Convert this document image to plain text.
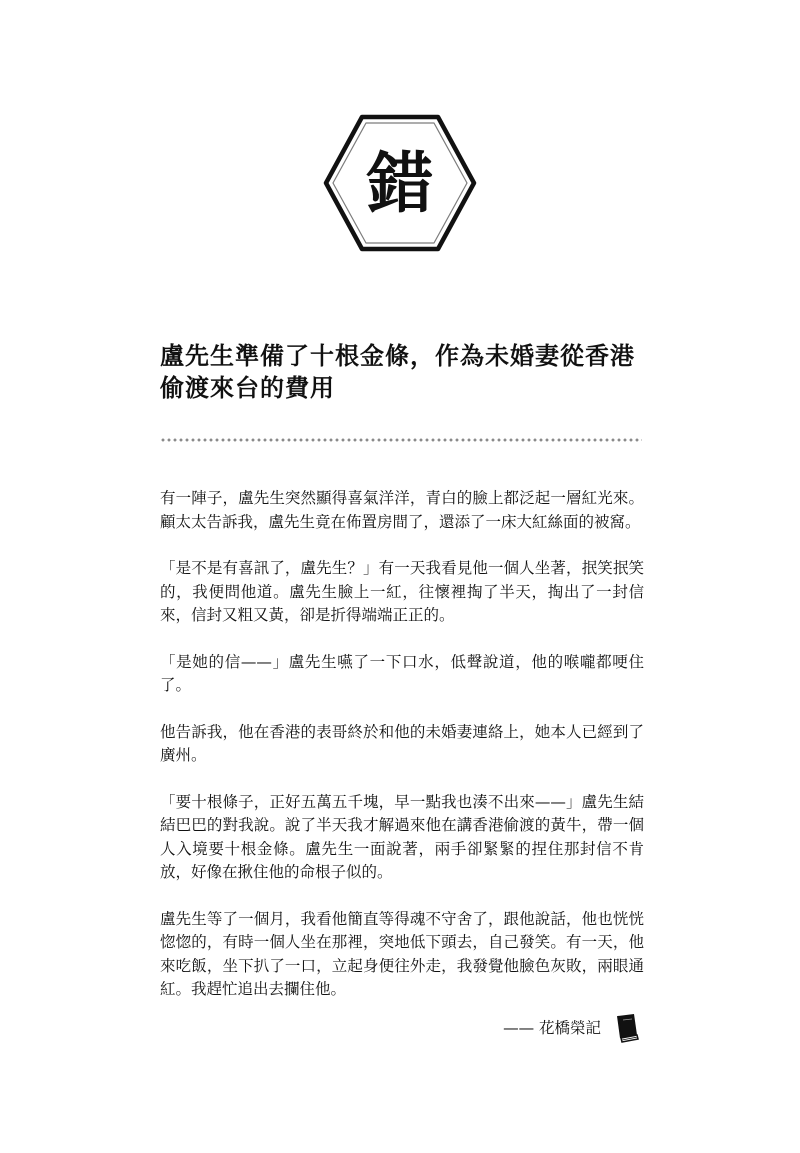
錯
盧先生準備了十根金條，作為未婚妻從香港偷渡來台的費用

有一陣子，盧先生突然顯得喜氣洋洋，青白的臉上都泛起一層紅光來。顧太太告訴我，盧先生竟在佈置房間了，還添了一床大紅絲面的被窩。

「是不是有喜訊了，盧先生？」有一天我看見他一個人坐著，抿笑抿笑的，我便問他道。盧先生臉上一紅，往懷裡掏了半天，掏出了一封信來，信封又粗又黃，卻是折得端端正正的。

「是她的信——」盧先生嚥了一下口水，低聲說道，他的喉嚨都哽住了。

他告訴我，他在香港的表哥終於和他的未婚妻連絡上，她本人已經到了廣州。

「要十根條子，正好五萬五千塊，早一點我也湊不出來——」盧先生結結巴巴的對我說。說了半天我才解過來他在講香港偷渡的黃牛，帶一個人入境要十根金條。盧先生一面說著，兩手卻緊緊的捏住那封信不肯放，好像在揪住他的命根子似的。

盧先生等了一個月，我看他簡直等得魂不守舍了，跟他說話，他也恍恍惚惚的，有時一個人坐在那裡，突地低下頭去，自己發笑。有一天，他來吃飯，坐下扒了一口，立起身便往外走，我發覺他臉色灰敗，兩眼通紅。我趕忙追出去攔住他。

—— 花橋榮記
